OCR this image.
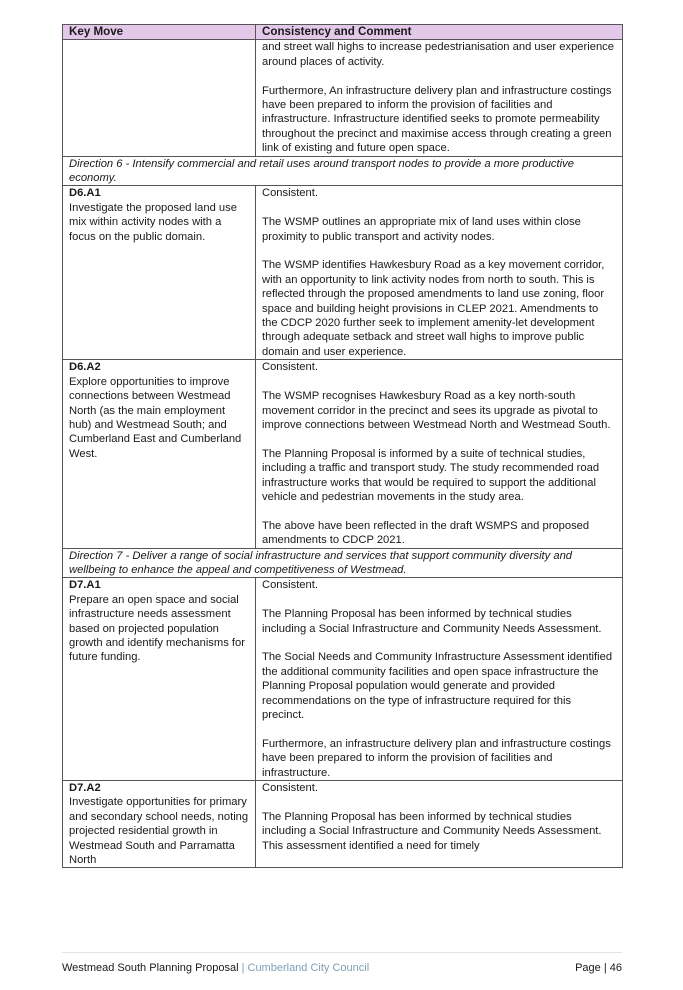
Key Move	Consistency and Comment

	and street wall highs to increase pedestrianisation and user experience around places of activity.
Furthermore, An infrastructure delivery plan and infrastructure costings have been prepared to inform the provision of facilities and infrastructure. Infrastructure identified seeks to promote permeability throughout the precinct and maximise access through creating a green link of existing and future open space.

Direction 6 - Intensify commercial and retail uses around transport nodes to provide a more productive economy.	

D6.A1
Investigate the proposed land use mix within activity nodes with a focus on the public domain.	Consistent.
The WSMP outlines an appropriate mix of land uses within close proximity to public transport and activity nodes.
The WSMP identifies Hawkesbury Road as a key movement corridor, with an opportunity to link activity nodes from north to south. This is reflected through the proposed amendments to land use zoning, floor space and building height provisions in CLEP 2021. Amendments to the CDCP 2020 further seek to implement amenity-let development through adequate setback and street wall highs to improve public domain and user experience.

D6.A2
Explore opportunities to improve connections between Westmead North (as the main employment hub) and Westmead South; and Cumberland East and Cumberland West.	Consistent.
The WSMP recognises Hawkesbury Road as a key north-south movement corridor in the precinct and sees its upgrade as pivotal to improve connections between Westmead North and Westmead South.
The Planning Proposal is informed by a suite of technical studies, including a traffic and transport study. The study recommended road infrastructure works that would be required to support the additional vehicle and pedestrian movements in the study area.
The above have been reflected in the draft WSMPS and proposed amendments to CDCP 2021.

Direction 7 - Deliver a range of social infrastructure and services that support community diversity and wellbeing to enhance the appeal and competitiveness of Westmead.	

D7.A1
Prepare an open space and social infrastructure needs assessment based on projected population growth and identify mechanisms for future funding.	Consistent.
The Planning Proposal has been informed by technical studies including a Social Infrastructure and Community Needs Assessment.
The Social Needs and Community Infrastructure Assessment identified the additional community facilities and open space infrastructure the Planning Proposal population would generate and provided recommendations on the type of infrastructure required for this precinct.
Furthermore, an infrastructure delivery plan and infrastructure costings have been prepared to inform the provision of facilities and infrastructure.

D7.A2
Investigate opportunities for primary and secondary school needs, noting projected residential growth in Westmead South and Parramatta North	Consistent.
The Planning Proposal has been informed by technical studies including a Social Infrastructure and Community Needs Assessment. This assessment identified a need for timely
Westmead South Planning Proposal | Cumberland City Council	Page | 46
